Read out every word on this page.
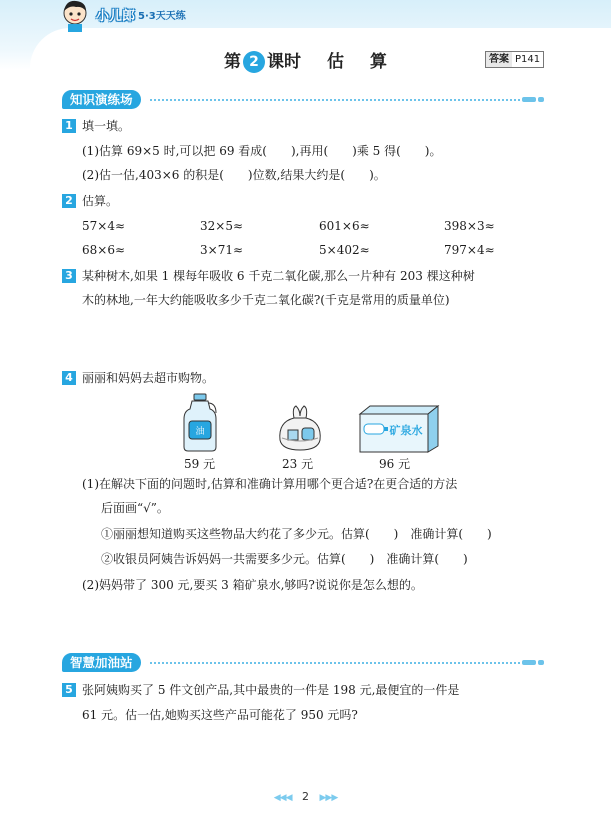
小儿郎 5·3天天练
第 2 课时 估 算	答案 P141
知识演练场
1 填一填。
(1)估算 69×5 时,可以把 69 看成(　　),再用(　　)乘 5 得(　　)。
(2)估一估,403×6 的积是(　　)位数,结果大约是(　　)。
2 估算。
57×4≈	32×5≈	601×6≈	398×3≈
68×6≈	3×71≈	5×402≈	797×4≈
3 某种树木,如果 1 棵每年吸收 6 千克二氧化碳,那么一片种有 203 棵这种树
木的林地,一年大约能吸收多少千克二氧化碳?(千克是常用的质量单位)
4 丽丽和妈妈去超市购物。
油	矿泉水
59 元	23 元	96 元
(1)在解决下面的问题时,估算和准确计算用哪个更合适?在更合适的方法
后面画“√”。
①丽丽想知道购买这些物品大约花了多少元。估算(　　)　准确计算(　　)
②收银员阿姨告诉妈妈一共需要多少元。估算(　　)　准确计算(　　)
(2)妈妈带了 300 元,要买 3 箱矿泉水,够吗?说说你是怎么想的。
智慧加油站
5 张阿姨购买了 5 件文创产品,其中最贵的一件是 198 元,最便宜的一件是
61 元。估一估,她购买这些产品可能花了 950 元吗?
◀◀◀ 2 ▶▶▶
